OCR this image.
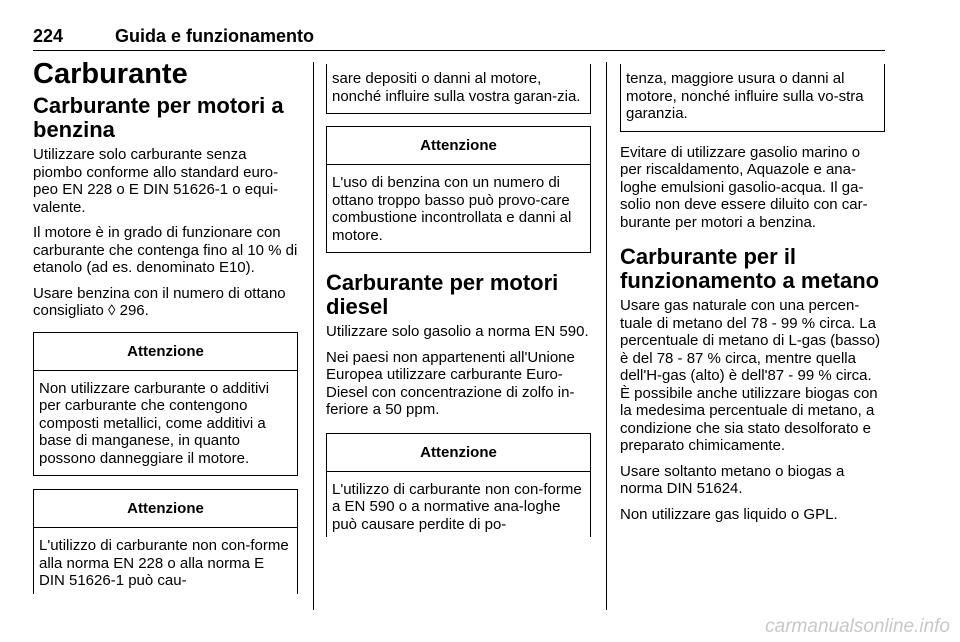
224	Guida e funzionamento
Carburante
Carburante per motori a benzina

Utilizzare solo carburante senza piombo conforme allo standard euro-peo EN 228 o E DIN 51626-1 o equi-valente.

Il motore è in grado di funzionare con carburante che contenga fino al 10 % di etanolo (ad es. denominato E10).

Usare benzina con il numero di ottano consigliato ◊ 296.

Attenzione
Non utilizzare carburante o additivi per carburante che contengono composti metallici, come additivi a base di manganese, in quanto possono danneggiare il motore.
Attenzione
L'utilizzo di carburante non con-forme alla norma EN 228 o alla norma E DIN 51626-1 può cau-
sare depositi o danni al motore, nonché influire sulla vostra garan-zia.
Attenzione
L'uso di benzina con un numero di ottano troppo basso può provo-care combustione incontrollata e danni al motore.
Carburante per motori diesel

Utilizzare solo gasolio a norma EN 590.

Nei paesi non appartenenti all'Unione Europea utilizzare carburante Euro-Diesel con concentrazione di zolfo in-feriore a 50 ppm.

Attenzione
L'utilizzo di carburante non con-forme a EN 590 o a normative ana-loghe può causare perdite di po-
tenza, maggiore usura o danni al motore, nonché influire sulla vo-stra garanzia.

Evitare di utilizzare gasolio marino o per riscaldamento, Aquazole e ana-loghe emulsioni gasolio-acqua. Il ga-solio non deve essere diluito con car-burante per motori a benzina.

Carburante per il funzionamento a metano

Usare gas naturale con una percen-tuale di metano del 78 - 99 % circa. La percentuale di metano di L-gas (basso) è del 78 - 87 % circa, mentre quella dell'H-gas (alto) è dell'87 - 99 % circa. È possibile anche utilizzare biogas con la medesima percentuale di metano, a condizione che sia stato desolforato e preparato chimicamente.

Usare soltanto metano o biogas a norma DIN 51624.

Non utilizzare gas liquido o GPL.

carmanualsonline.info
